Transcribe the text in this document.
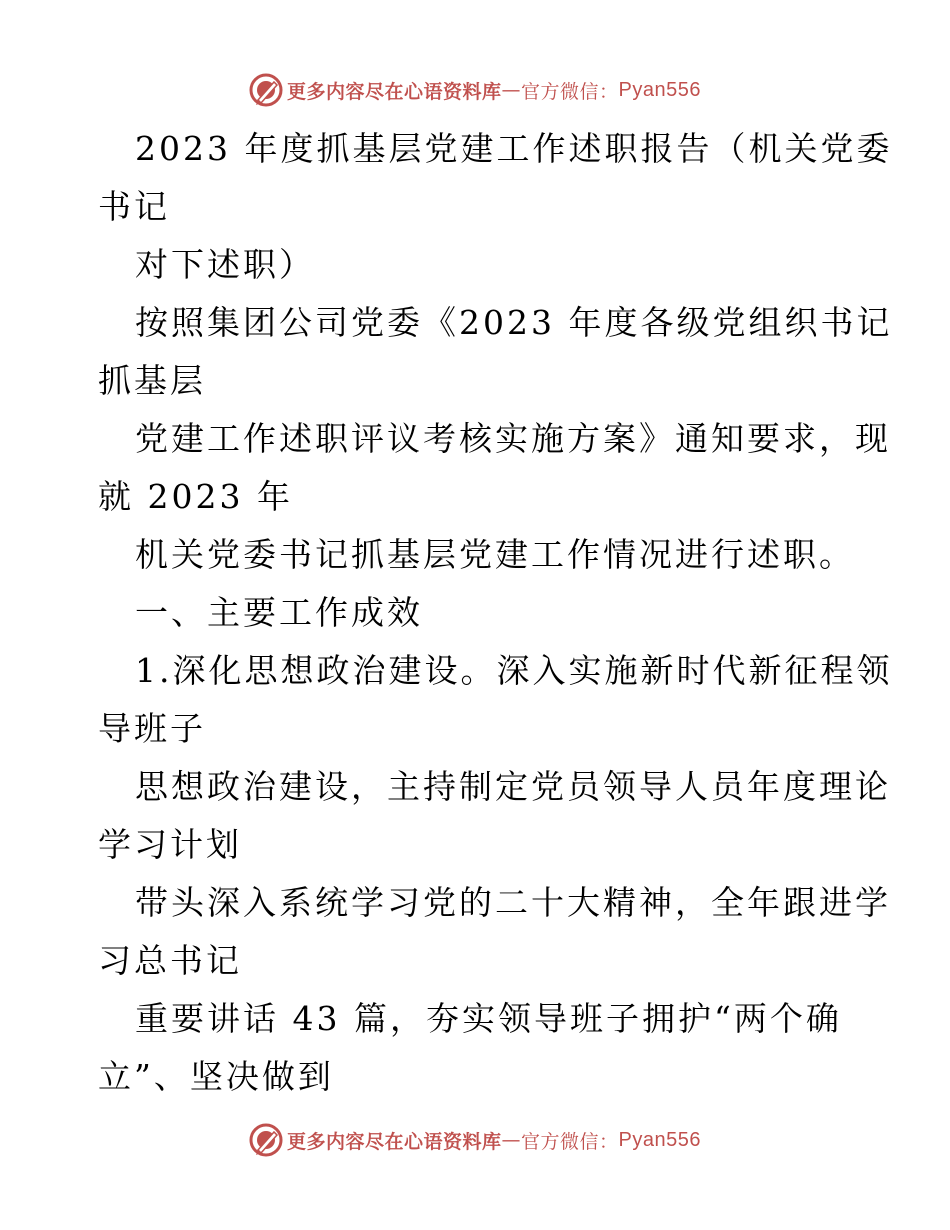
更多内容尽在心语资料库 — 官方微信： Pyan556
2023 年度抓基层党建工作述职报告（机关党委
书记
对下述职）
按照集团公司党委《2023 年度各级党组织书记
抓基层
党建工作述职评议考核实施方案》通知要求，现
就 2023 年
机关党委书记抓基层党建工作情况进行述职。
一、主要工作成效
1.深化思想政治建设。深入实施新时代新征程领
导班子
思想政治建设，主持制定党员领导人员年度理论
学习计划
带头深入系统学习党的二十大精神，全年跟进学
习总书记
重要讲话 43 篇，夯实领导班子拥护“两个确
立”、坚决做到
更多内容尽在心语资料库 — 官方微信： Pyan556
